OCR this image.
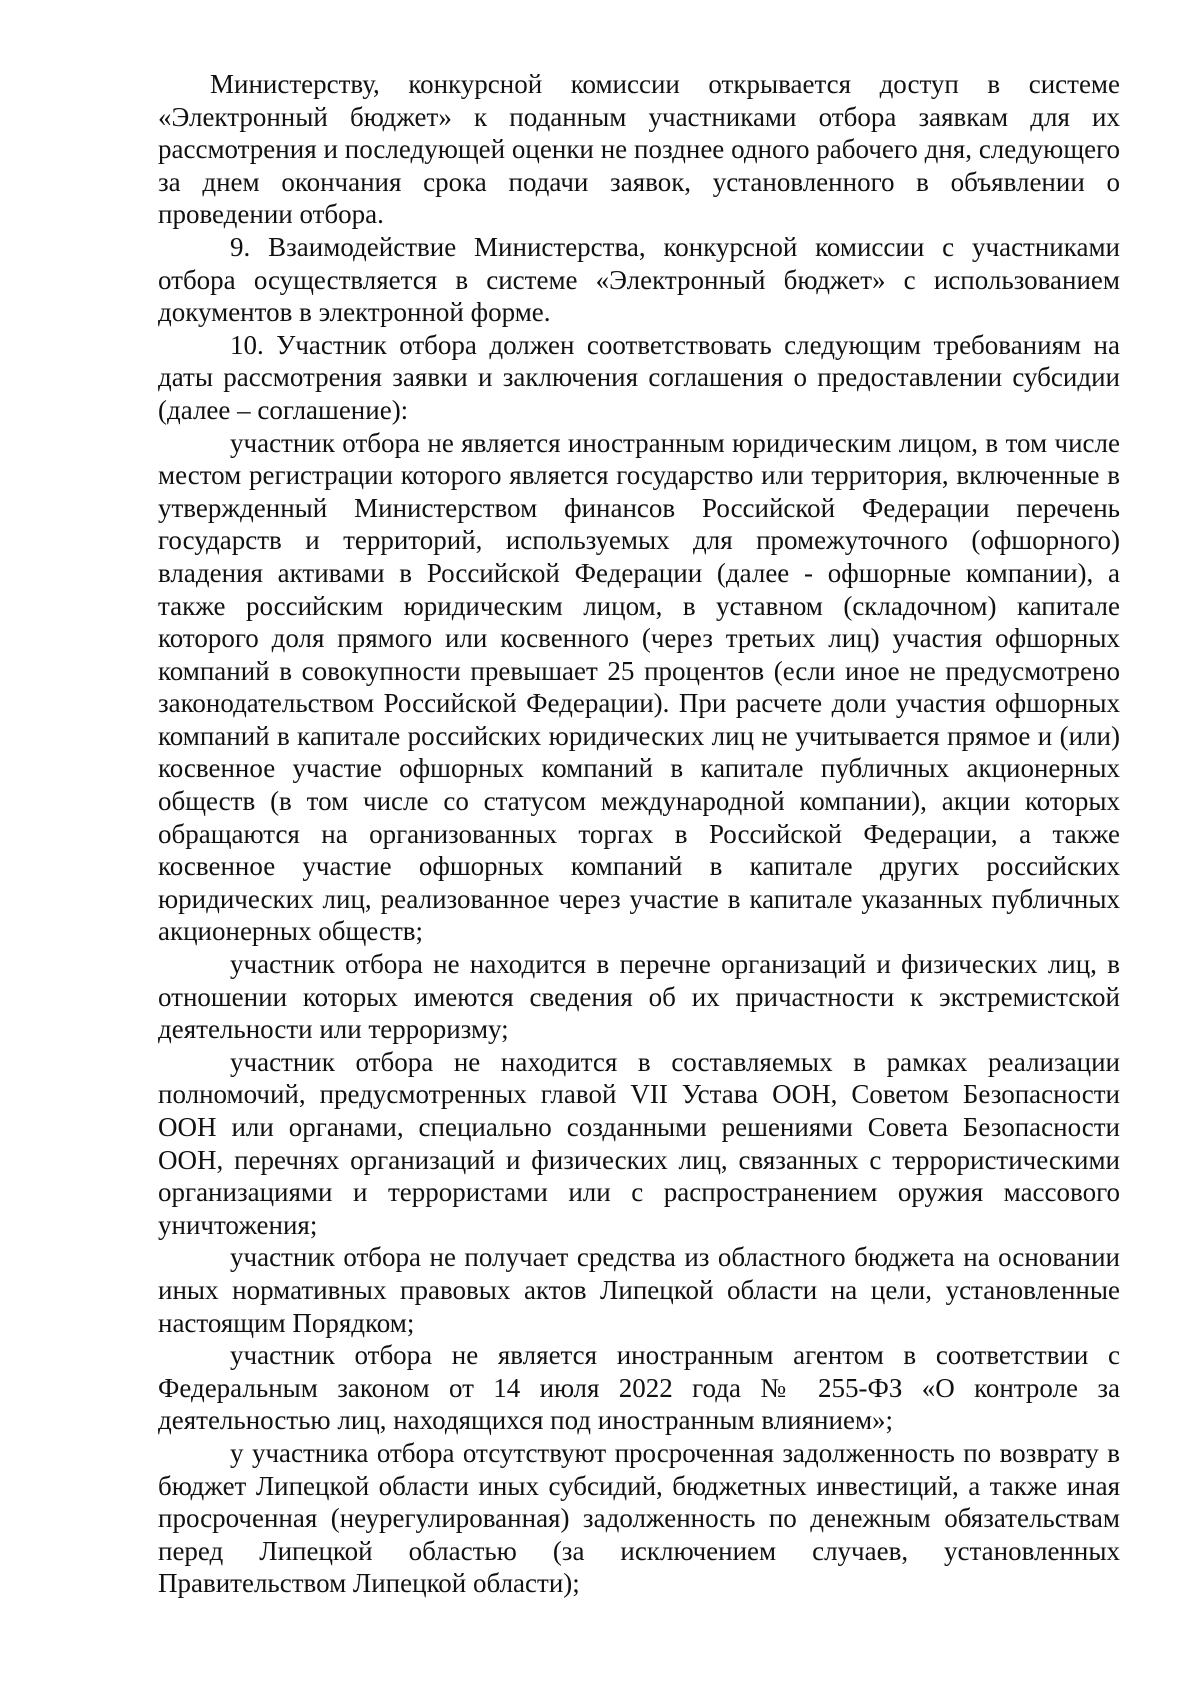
Министерству, конкурсной комиссии открывается доступ в системе «Электронный бюджет» к поданным участниками отбора заявкам для их рассмотрения и последующей оценки не позднее одного рабочего дня, следующего за днем окончания срока подачи заявок, установленного в объявлении о проведении отбора.

9. Взаимодействие Министерства, конкурсной комиссии с участниками отбора осуществляется в системе «Электронный бюджет» с использованием документов в электронной форме.

10. Участник отбора должен соответствовать следующим требованиям на даты рассмотрения заявки и заключения соглашения о предоставлении субсидии (далее – соглашение):

участник отбора не является иностранным юридическим лицом, в том числе местом регистрации которого является государство или территория, включенные в утвержденный Министерством финансов Российской Федерации перечень государств и территорий, используемых для промежуточного (офшорного) владения активами в Российской Федерации (далее - офшорные компании), а также российским юридическим лицом, в уставном (складочном) капитале которого доля прямого или косвенного (через третьих лиц) участия офшорных компаний в совокупности превышает 25 процентов (если иное не предусмотрено законодательством Российской Федерации). При расчете доли участия офшорных компаний в капитале российских юридических лиц не учитывается прямое и (или) косвенное участие офшорных компаний в капитале публичных акционерных обществ (в том числе со статусом международной компании), акции которых обращаются на организованных торгах в Российской Федерации, а также косвенное участие офшорных компаний в капитале других российских юридических лиц, реализованное через участие в капитале указанных публичных акционерных обществ;

участник отбора не находится в перечне организаций и физических лиц, в отношении которых имеются сведения об их причастности к экстремистской деятельности или терроризму;

участник отбора не находится в составляемых в рамках реализации полномочий, предусмотренных главой VII Устава ООН, Советом Безопасности ООН или органами, специально созданными решениями Совета Безопасности ООН, перечнях организаций и физических лиц, связанных с террористическими организациями и террористами или с распространением оружия массового уничтожения;

участник отбора не получает средства из областного бюджета на основании иных нормативных правовых актов Липецкой области на цели, установленные настоящим Порядком;

участник отбора не является иностранным агентом в соответствии с Федеральным законом от 14 июля 2022 года № 255-ФЗ «О контроле за деятельностью лиц, находящихся под иностранным влиянием»;

у участника отбора отсутствуют просроченная задолженность по возврату в бюджет Липецкой области иных субсидий, бюджетных инвестиций, а также иная просроченная (неурегулированная) задолженность по денежным обязательствам перед Липецкой областью (за исключением случаев, установленных Правительством Липецкой области);
